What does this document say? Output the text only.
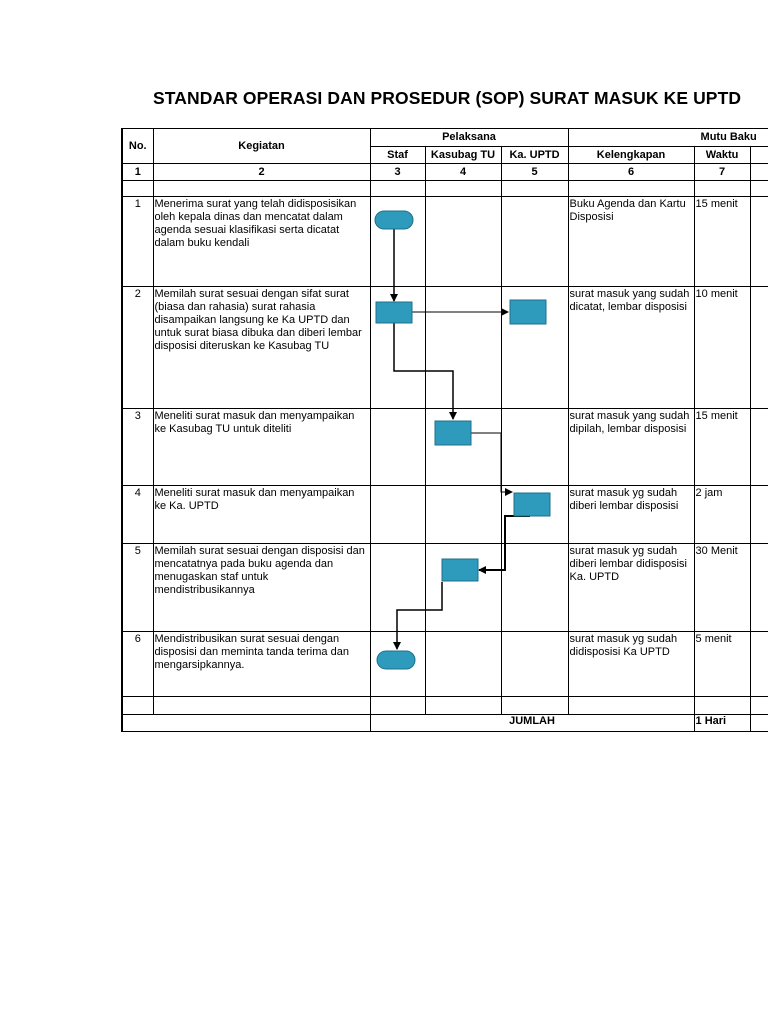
STANDAR OPERASI DAN PROSEDUR (SOP) SURAT MASUK KE UPTD
No.	Kegiatan	Pelaksana			Mutu Baku		
		Staf	Kasubag TU	Ka. UPTD	Kelengkapan	Waktu	
1	2	3	4	5	6	7	

1	Menerima surat yang telah didisposisikan oleh kepala dinas dan mencatat dalam agenda sesuai klasifikasi serta dicatat dalam buku kendali				Buku Agenda dan Kartu Disposisi	15 menit	
2	Memilah surat sesuai dengan sifat surat (biasa dan rahasia) surat rahasia disampaikan langsung ke Ka UPTD dan untuk surat biasa dibuka dan diberi lembar disposisi diteruskan ke Kasubag TU				surat masuk yang sudah dicatat, lembar disposisi	10 menit	
3	Meneliti surat masuk dan menyampaikan ke Kasubag TU untuk diteliti				surat masuk yang sudah dipilah, lembar disposisi	15 menit	
4	Meneliti surat masuk dan menyampaikan ke Ka. UPTD				surat masuk yg sudah diberi lembar disposisi	2 jam	
5	Memilah surat sesuai dengan disposisi dan mencatatnya pada buku agenda dan menugaskan staf untuk mendistribusikannya				surat masuk yg sudah diberi lembar didisposisi Ka. UPTD	30 Menit	
6	Mendistribusikan surat sesuai dengan disposisi dan meminta tanda terima dan mengarsipkannya.				surat masuk yg sudah didisposisi Ka UPTD	5 menit	

		JUMLAH				1 Hari	
